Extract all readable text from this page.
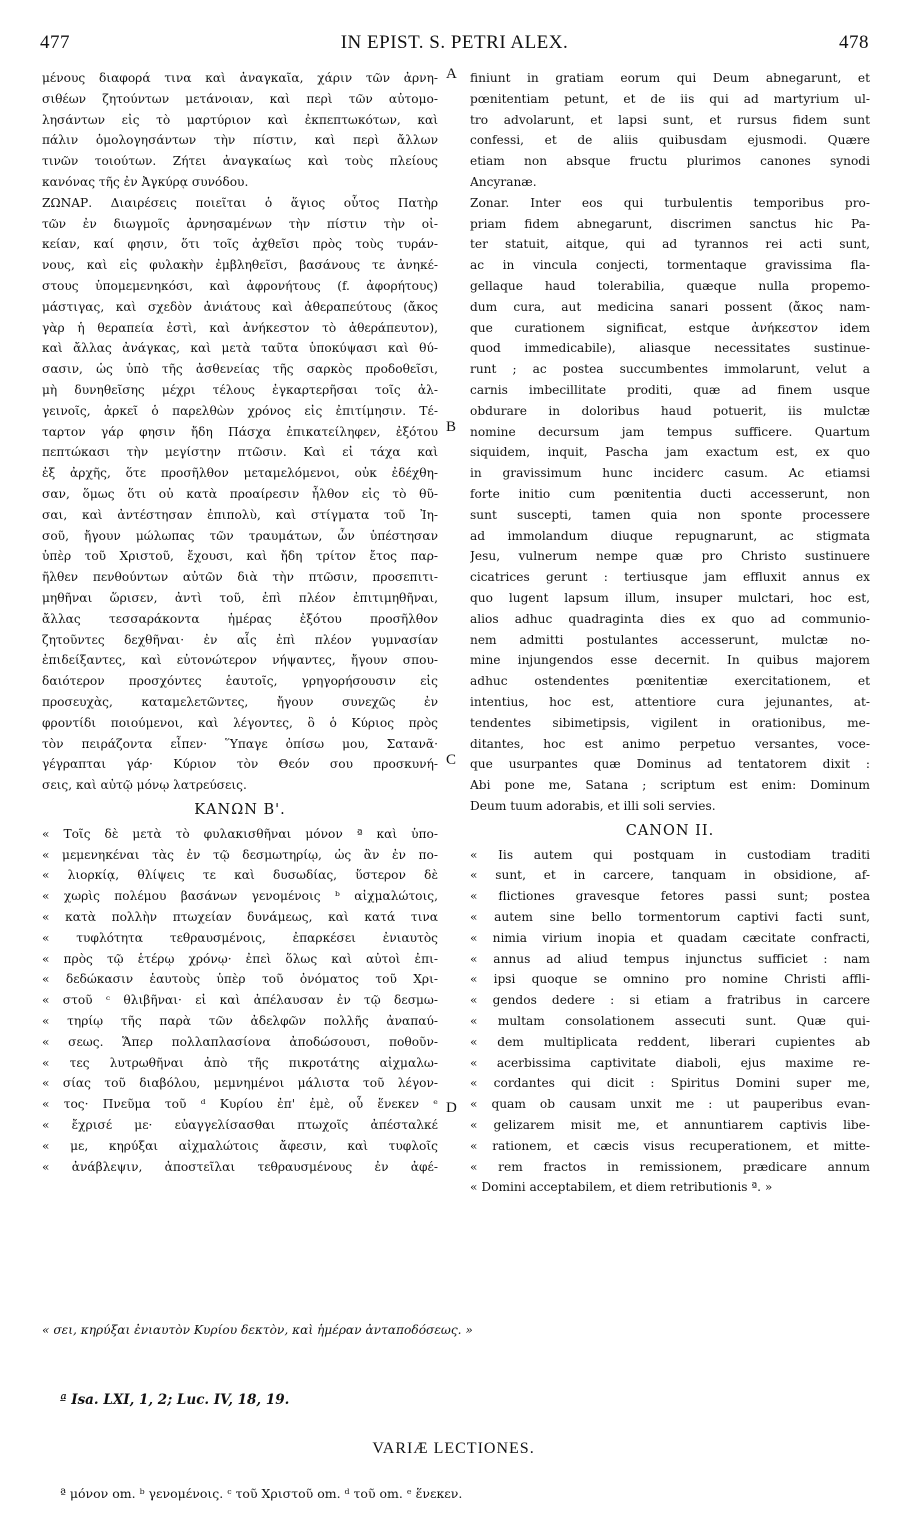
477	IN EPIST. S. PETRI ALEX.	478
μένους διαφορά τινα καὶ ἀναγκαῖα, χάριν τῶν ἀρνη-
σιθέων ζητούντων μετάνοιαν, καὶ περὶ τῶν αὐτομο-
λησάντων εἰς τὸ μαρτύριον καὶ ἐκπεπτωκότων, καὶ
πάλιν ὁμολογησάντων τὴν πίστιν, καὶ περὶ ἄλλων
τινῶν τοιούτων. Ζήτει ἀναγκαίως καὶ τοὺς πλείους
κανόνας τῆς ἐν Ἀγκύρᾳ συνόδου.
ΖΩΝΑΡ. Διαιρέσεις ποιεῖται ὁ ἅγιος οὗτος Πατὴρ
τῶν ἐν διωγμοῖς ἀρνησαμένων τὴν πίστιν τὴν οἰ-
κείαν, καί φησιν, ὅτι τοῖς ἀχθεῖσι πρὸς τοὺς τυράν-
νους, καὶ εἰς φυλακὴν ἐμβληθεῖσι, βασάνους τε ἀνηκέ-
στους ὑπομεμενηκόσι, καὶ ἀφρονήτους (f. ἀφορήτους)
μάστιγας, καὶ σχεδὸν ἀνιάτους καὶ ἀθεραπεύτους (ἄκος
γὰρ ἡ θεραπεία ἐστὶ, καὶ ἀνήκεστον τὸ ἀθεράπευτον),
καὶ ἄλλας ἀνάγκας, καὶ μετὰ ταῦτα ὑποκύψασι καὶ θύ-
σασιν, ὡς ὑπὸ τῆς ἀσθενείας τῆς σαρκὸς προδοθεῖσι,
μὴ δυνηθεῖσης μέχρι τέλους ἐγκαρτερῆσαι τοῖς ἀλ-
γεινοῖς, ἀρκεῖ ὁ παρελθὼν χρόνος εἰς ἐπιτίμησιν. Τέ-
ταρτον γάρ φησιν ἤδη Πάσχα ἐπικατείληφεν, ἐξότου
πεπτώκασι τὴν μεγίστην πτῶσιν. Καὶ εἰ τάχα καὶ
ἐξ ἀρχῆς, ὅτε προσῆλθον μεταμελόμενοι, οὐκ ἐδέχθη-
σαν, ὅμως ὅτι οὐ κατὰ προαίρεσιν ἦλθον εἰς τὸ θῦ-
σαι, καὶ ἀντέστησαν ἐπιπολὺ, καὶ στίγματα τοῦ Ἰη-
σοῦ, ἤγουν μώλωπας τῶν τραυμάτων, ὧν ὑπέστησαν
ὑπὲρ τοῦ Χριστοῦ, ἔχουσι, καὶ ἤδη τρίτον ἔτος παρ-
ῆλθεν πενθούντων αὐτῶν διὰ τὴν πτῶσιν, προσεπιτι-
μηθῆναι ὥρισεν, ἀντὶ τοῦ, ἐπὶ πλέον ἐπιτιμηθῆναι,
ἄλλας τεσσαράκοντα ἡμέρας ἐξότου προσῆλθον
ζητοῦντες δεχθῆναι· ἐν αἷς ἐπὶ πλέον γυμνασίαν
ἐπιδείξαντες, καὶ εὐτονώτερον νήψαντες, ἤγουν σπου-
δαιότερον προσχόντες ἑαυτοῖς, γρηγορήσουσιν εἰς
προσευχὰς, καταμελετῶντες, ἤγουν συνεχῶς ἐν
φροντίδι ποιούμενοι, καὶ λέγοντες, ὃ ὁ Κύριος πρὸς
τὸν πειράζοντα εἶπεν· Ὕπαγε ὀπίσω μου, Σατανᾶ·
γέγραπται γάρ· Κύριον τὸν Θεόν σου προσκυνή-
σεις, καὶ αὐτῷ μόνῳ λατρεύσεις.
ΚΑΝΩΝ Β'.
« Τοῖς δὲ μετὰ τὸ φυλακισθῆναι μόνον ª καὶ ὑπο-
« μεμενηκέναι τὰς ἐν τῷ δεσμωτηρίῳ, ὡς ἂν ἐν πο-
« λιορκίᾳ, θλίψεις τε καὶ δυσωδίας, ὕστερον δὲ
« χωρὶς πολέμου βασάνων γενομένοις ᵇ αἰχμαλώτοις,
« κατὰ πολλὴν πτωχείαν δυνάμεως, καὶ κατά τινα
« τυφλότητα τεθραυσμένοις, ἐπαρκέσει ἐνιαυτὸς
« πρὸς τῷ ἑτέρῳ χρόνῳ· ἐπεὶ ὅλως καὶ αὐτοὶ ἐπι-
« δεδώκασιν ἑαυτοὺς ὑπὲρ τοῦ ὀνόματος τοῦ Χρι-
« στοῦ ᶜ θλιβῆναι· εἰ καὶ ἀπέλαυσαν ἐν τῷ δεσμω-
« τηρίῳ τῆς παρὰ τῶν ἀδελφῶν πολλῆς ἀναπαύ-
« σεως. Ἅπερ πολλαπλασίονα ἀποδώσουσι, ποθοῦν-
« τες λυτρωθῆναι ἀπὸ τῆς πικροτάτης αἰχμαλω-
« σίας τοῦ διαβόλου, μεμνημένοι μάλιστα τοῦ λέγον-
« τος· Πνεῦμα τοῦ ᵈ Κυρίου ἐπ' ἐμὲ, οὗ ἕνεκεν ᵉ
« ἔχρισέ με· εὐαγγελίσασθαι πτωχοῖς ἀπέσταλκέ
« με, κηρύξαι αἰχμαλώτοις ἄφεσιν, καὶ τυφλοῖς
« ἀνάβλεψιν, ἀποστεῖλαι τεθραυσμένους ἐν ἀφέ-
finiunt in gratiam eorum qui Deum abnegarunt, et
pœnitentiam petunt, et de iis qui ad martyrium ul-
tro advolarunt, et lapsi sunt, et rursus fidem sunt
confessi, et de aliis quibusdam ejusmodi. Quære
etiam non absque fructu plurimos canones synodi
Ancyranæ.
Zonar. Inter eos qui turbulentis temporibus pro-
priam fidem abnegarunt, discrimen sanctus hic Pa-
ter statuit, aitque, qui ad tyrannos rei acti sunt,
ac in vincula conjecti, tormentaque gravissima fla-
gellaque haud tolerabilia, quæque nulla propemo-
dum cura, aut medicina sanari possent (ἄκος nam-
que curationem significat, estque ἀνήκεστον idem
quod immedicabile), aliasque necessitates sustinue-
runt ; ac postea succumbentes immolarunt, velut a
carnis imbecillitate proditi, quæ ad finem usque
obdurare in doloribus haud potuerit, iis mulctæ
nomine decursum jam tempus sufficere. Quartum
siquidem, inquit, Pascha jam exactum est, ex quo
in gravissimum hunc inciderc casum. Ac etiamsi
forte initio cum pœnitentia ducti accesserunt, non
sunt suscepti, tamen quia non sponte processere
ad immolandum diuque repugnarunt, ac stigmata
Jesu, vulnerum nempe quæ pro Christo sustinuere
cicatrices gerunt : tertiusque jam effluxit annus ex
quo lugent lapsum illum, insuper mulctari, hoc est,
alios adhuc quadraginta dies ex quo ad communio-
nem admitti postulantes accesserunt, mulctæ no-
mine injungendos esse decernit. In quibus majorem
adhuc ostendentes pœnitentiæ exercitationem, et
intentius, hoc est, attentiore cura jejunantes, at-
tendentes sibimetipsis, vigilent in orationibus, me-
ditantes, hoc est animo perpetuo versantes, voce-
que usurpantes quæ Dominus ad tentatorem dixit :
Abi pone me, Satana ; scriptum est enim: Dominum
Deum tuum adorabis, et illi soli servies.
CANON II.
« Iis autem qui postquam in custodiam traditi
« sunt, et in carcere, tanquam in obsidione, af-
« flictiones gravesque fetores passi sunt; postea
« autem sine bello tormentorum captivi facti sunt,
« nimia virium inopia et quadam cæcitate confracti,
« annus ad aliud tempus injunctus sufficiet : nam
« ipsi quoque se omnino pro nomine Christi affli-
« gendos dedere : si etiam a fratribus in carcere
« multam consolationem assecuti sunt. Quæ qui-
« dem multiplicata reddent, liberari cupientes ab
« acerbissima captivitate diaboli, ejus maxime re-
« cordantes qui dicit : Spiritus Domini super me,
« quam ob causam unxit me : ut pauperibus evan-
« gelizarem misit me, et annuntiarem captivis libe-
« rationem, et cæcis visus recuperationem, et mitte-
« rem fractos in remissionem, prædicare annum
« Domini acceptabilem, et diem retributionis ª. »
A
B
C
D
« σει, κηρύξαι ἐνιαυτὸν Κυρίου δεκτὸν, καὶ ἡμέραν ἀνταποδόσεως. »
ª Isa. LXI, 1, 2; Luc. IV, 18, 19.
VARIÆ LECTIONES.
ª μόνον om. ᵇ γενομένοις. ᶜ τοῦ Χριστοῦ om. ᵈ τοῦ om. ᵉ ἕνεκεν.
